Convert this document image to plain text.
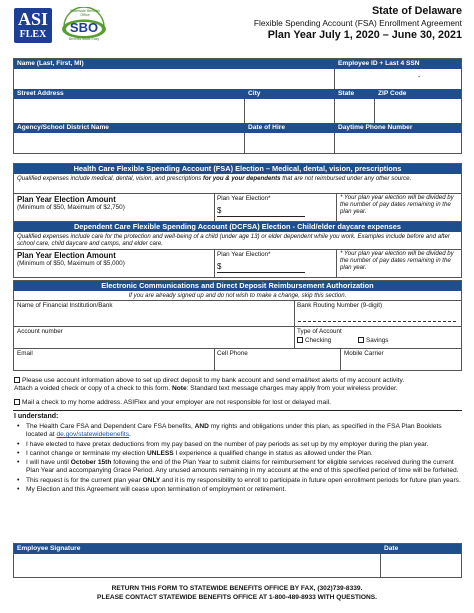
ASI
FLEX
Statewide Benefits Office
SBO
Benefits Made Easy
State of Delaware
Flexible Spending Account (FSA) Enrollment Agreement
Plan Year July 1, 2020 – June 30, 2021
Name (Last, First, MI)	Employee ID + Last 4 SSN
-
Street Address	City	State	ZIP Code
Agency/School District Name	Date of Hire	Daytime Phone Number
Health Care Flexible Spending Account (FSA) Election – Medical, dental, vision, prescriptions
Qualified expenses include medical, dental, vision, and prescriptions for you & your dependents that are not reimbursed under any other source.
Plan Year Election Amount
(Minimum of $50, Maximum of $2,750)
Plan Year Election*
$
* Your plan year election will be divided by the number of pay dates remaining in the plan year.
Dependent Care Flexible Spending Account (DCFSA) Election - Child/elder daycare expenses
Qualified expenses include care for the protection and well-being of a child (under age 13) or elder dependent while you work. Examples include before and after school care, child daycare and camps, and elder care.
Plan Year Election Amount
(Minimum of $50, Maximum of $5,000)
Plan Year Election*
$
* Your plan year election will be divided by the number of pay dates remaining in the plan year.
Electronic Communications and Direct Deposit Reimbursement Authorization
If you are already signed up and do not wish to make a change, skip this section.
Name of Financial Institution/Bank	Bank Routing Number (9-digit)
Account number	Type of Account
Checking	Savings
Email	Cell Phone	Mobile Carrier
Please use account information above to set up direct deposit to my bank account and send email/text alerts of my account activity.
Attach a voided check or copy of a check to this form. Note: Standard text message charges may apply from your wireless provider.
Mail a check to my home address. ASIFlex and your employer are not responsible for lost or delayed mail.
I understand:
• The Health Care FSA and Dependent Care FSA benefits, AND my rights and obligations under this plan, as specified in the FSA Plan Booklets located at de.gov/statewidebenefits.
• I have elected to have pretax deductions from my pay based on the number of pay periods as set up by my employer during the plan year.
• I cannot change or terminate my election UNLESS I experience a qualified change in status as allowed under the Plan.
• I will have until October 15th following the end of the Plan Year to submit claims for reimbursement for eligible services received during the current Plan Year and accompanying Grace Period. Any unused amounts remaining in my account at the end of this specified period of time will be forfeited.
• This request is for the current plan year ONLY and it is my responsibility to enroll to participate in future open enrollment periods for future plan years.
• My Election and this Agreement will cease upon termination of employment or retirement.
Employee Signature	Date
RETURN THIS FORM TO STATEWIDE BENEFITS OFFICE BY FAX, (302)739-8339.
PLEASE CONTACT STATEWIDE BENEFITS OFFICE AT 1-800-489-8933 WITH QUESTIONS.
